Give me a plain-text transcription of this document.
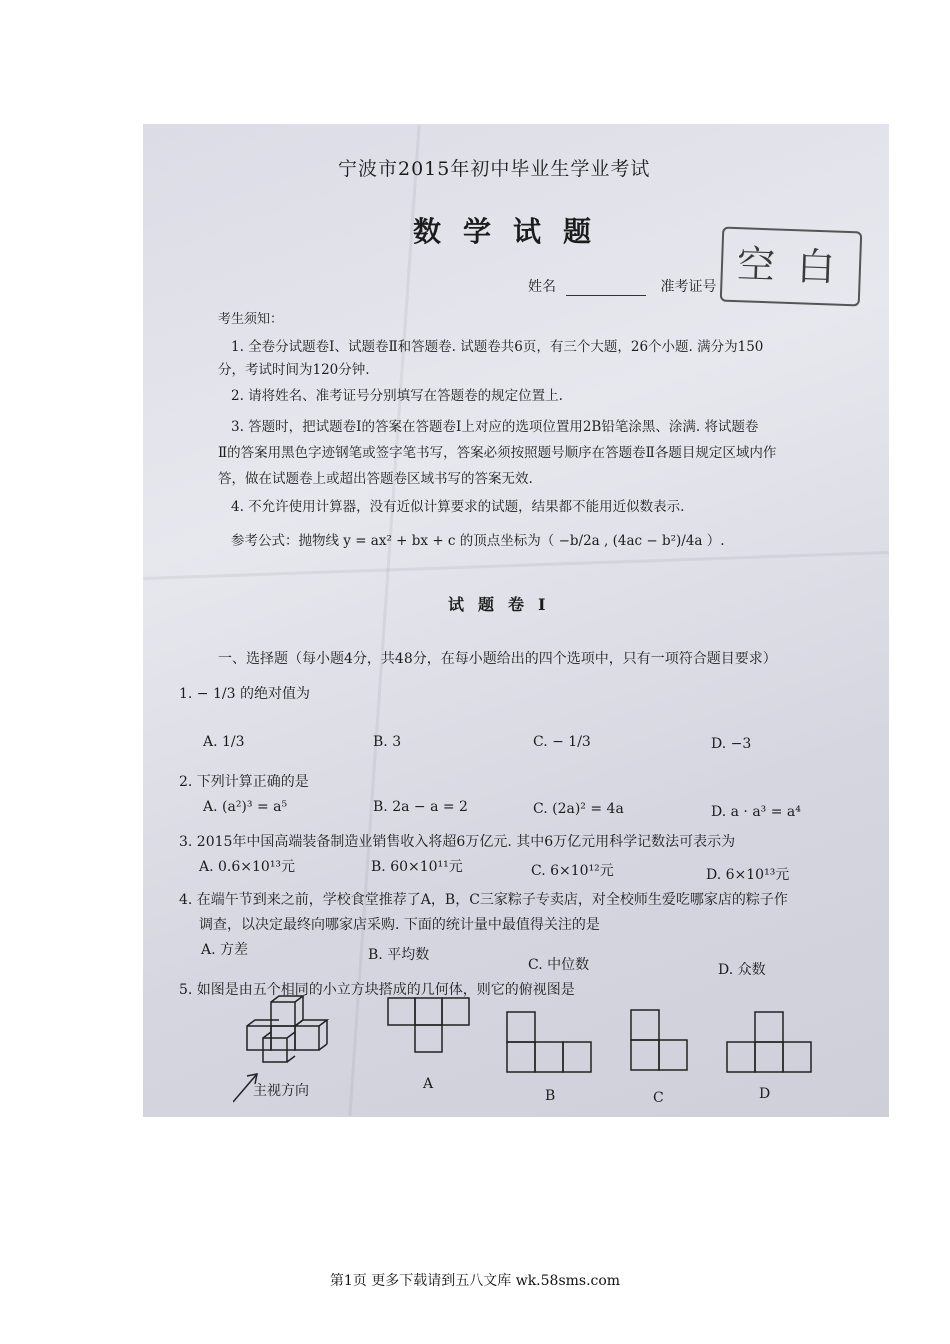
宁波市2015年初中毕业生学业考试
数学试题
姓名	准考证号 空白
考生须知：
1. 全卷分试题卷Ⅰ、试题卷Ⅱ和答题卷. 试题卷共6页，有三个大题，26个小题. 满分为150
分，考试时间为120分钟.
2. 请将姓名、准考证号分别填写在答题卷的规定位置上.
3. 答题时，把试题卷Ⅰ的答案在答题卷Ⅰ上对应的选项位置用2B铅笔涂黑、涂满. 将试题卷
Ⅱ的答案用黑色字迹钢笔或签字笔书写，答案必须按照题号顺序在答题卷Ⅱ各题目规定区域内作
答，做在试题卷上或超出答题卷区域书写的答案无效.
4. 不允许使用计算器，没有近似计算要求的试题，结果都不能用近似数表示.
参考公式：抛物线 y = ax² + bx + c 的顶点坐标为（ −b/2a , (4ac − b²)/4a ）.
试题卷Ⅰ
一、选择题（每小题4分，共48分，在每小题给出的四个选项中，只有一项符合题目要求）
1. − 1/3 的绝对值为
A. 1/3	B. 3	C. − 1/3	D. −3
2. 下列计算正确的是
A. (a²)³ = a⁵	B. 2a − a = 2	C. (2a)² = 4a	D. a · a³ = a⁴
3. 2015年中国高端装备制造业销售收入将超6万亿元. 其中6万亿元用科学记数法可表示为
A. 0.6×10¹³元	B. 60×10¹¹元	C. 6×10¹²元	D. 6×10¹³元
4. 在端午节到来之前，学校食堂推荐了A，B，C三家粽子专卖店，对全校师生爱吃哪家店的粽子作
调查，以决定最终向哪家店采购. 下面的统计量中最值得关注的是
A. 方差	B. 平均数
C. 中位数	D. 众数
5. 如图是由五个相同的小立方块搭成的几何体，则它的俯视图是
主视方向	A
B	C	D
第1页 更多下载请到五八文库 wk.58sms.com
